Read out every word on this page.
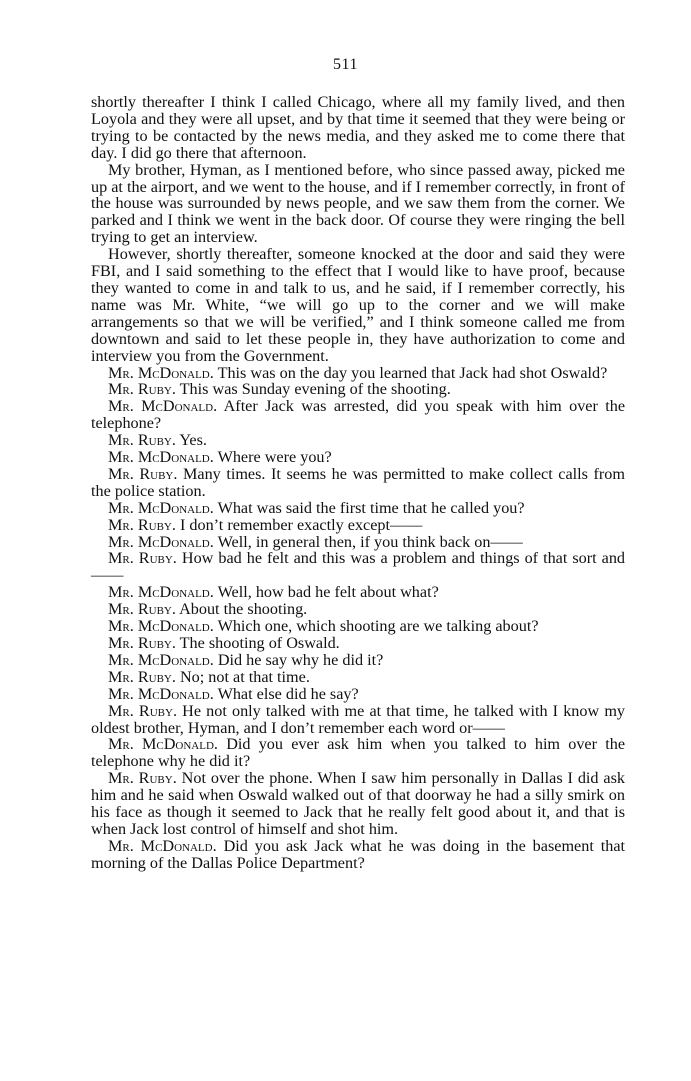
511

shortly thereafter I think I called Chicago, where all my family lived, and then Loyola and they were all upset, and by that time it seemed that they were being or trying to be contacted by the news media, and they asked me to come there that day. I did go there that afternoon.

My brother, Hyman, as I mentioned before, who since passed away, picked me up at the airport, and we went to the house, and if I remember correctly, in front of the house was surrounded by news people, and we saw them from the corner. We parked and I think we went in the back door. Of course they were ringing the bell trying to get an interview.

However, shortly thereafter, someone knocked at the door and said they were FBI, and I said something to the effect that I would like to have proof, because they wanted to come in and talk to us, and he said, if I remember correctly, his name was Mr. White, “we will go up to the corner and we will make arrangements so that we will be verified,” and I think someone called me from downtown and said to let these people in, they have authorization to come and interview you from the Government.

Mr. McDonald. This was on the day you learned that Jack had shot Oswald?

Mr. Ruby. This was Sunday evening of the shooting.

Mr. McDonald. After Jack was arrested, did you speak with him over the telephone?

Mr. Ruby. Yes.

Mr. McDonald. Where were you?

Mr. Ruby. Many times. It seems he was permitted to make collect calls from the police station.

Mr. McDonald. What was said the first time that he called you?

Mr. Ruby. I don’t remember exactly except——

Mr. McDonald. Well, in general then, if you think back on——

Mr. Ruby. How bad he felt and this was a problem and things of that sort and——

Mr. McDonald. Well, how bad he felt about what?

Mr. Ruby. About the shooting.

Mr. McDonald. Which one, which shooting are we talking about?

Mr. Ruby. The shooting of Oswald.

Mr. McDonald. Did he say why he did it?

Mr. Ruby. No; not at that time.

Mr. McDonald. What else did he say?

Mr. Ruby. He not only talked with me at that time, he talked with I know my oldest brother, Hyman, and I don’t remember each word or——

Mr. McDonald. Did you ever ask him when you talked to him over the telephone why he did it?

Mr. Ruby. Not over the phone. When I saw him personally in Dallas I did ask him and he said when Oswald walked out of that doorway he had a silly smirk on his face as though it seemed to Jack that he really felt good about it, and that is when Jack lost control of himself and shot him.

Mr. McDonald. Did you ask Jack what he was doing in the basement that morning of the Dallas Police Department?
